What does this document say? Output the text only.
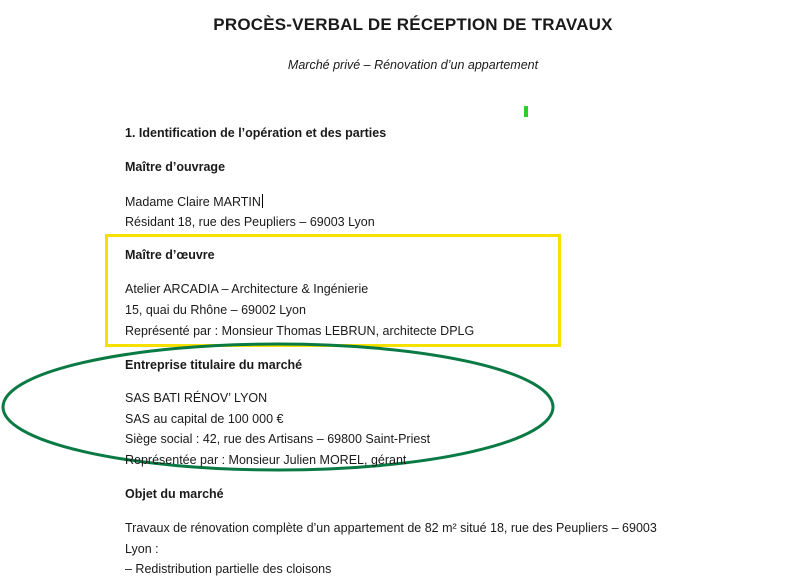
PROCÈS-VERBAL DE RÉCEPTION DE TRAVAUX
Marché privé – Rénovation d’un appartement
1. Identification de l’opération et des parties
Maître d’ouvrage
Madame Claire MARTIN
Résidant 18, rue des Peupliers – 69003 Lyon
Maître d’œuvre
Atelier ARCADIA – Architecture & Ingénierie
15, quai du Rhône – 69002 Lyon
Représenté par : Monsieur Thomas LEBRUN, architecte DPLG
Entreprise titulaire du marché
SAS BATI RÉNOV’ LYON
SAS au capital de 100 000 €
Siège social : 42, rue des Artisans – 69800 Saint-Priest
Représentée par : Monsieur Julien MOREL, gérant
Objet du marché
Travaux de rénovation complète d’un appartement de 82 m² situé 18, rue des Peupliers – 69003
Lyon :
– Redistribution partielle des cloisons
